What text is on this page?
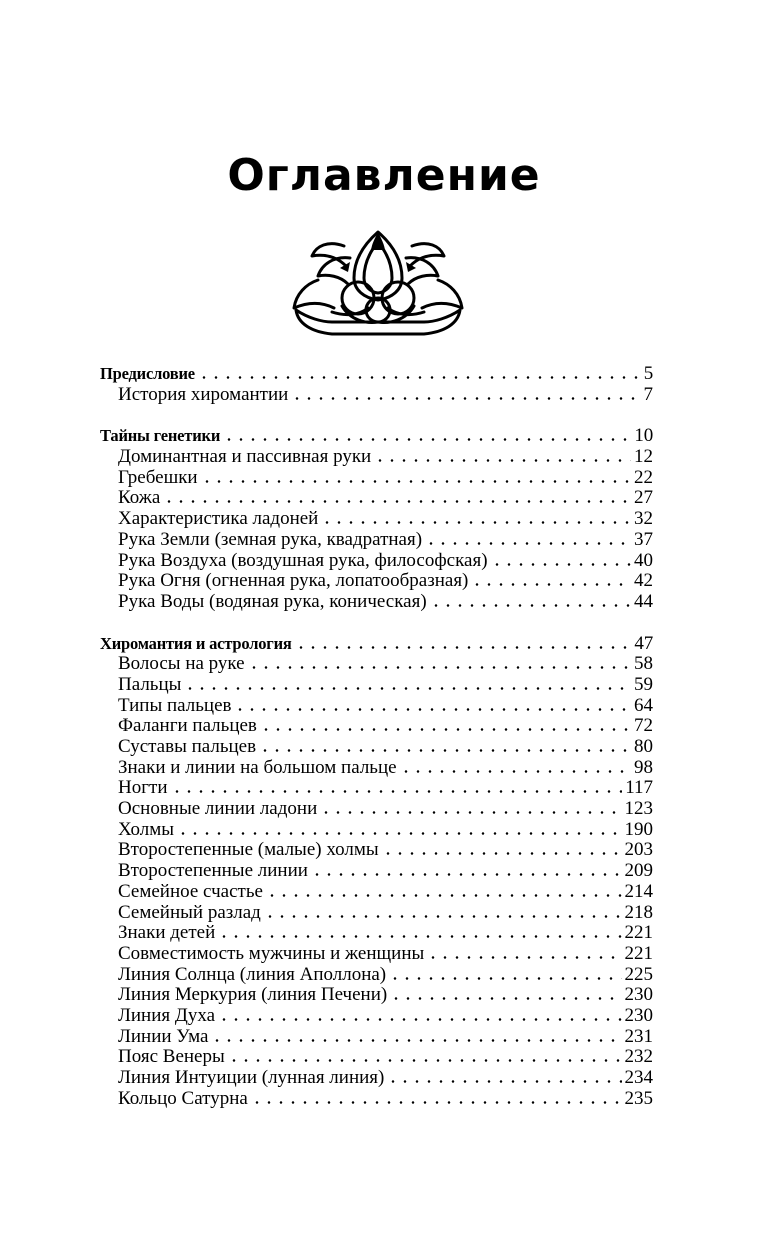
Оглавление
Предисловие	5
История хиромантии	7
Тайны генетики	10
Доминантная и пассивная руки	12
Гребешки	22
Кожа	27
Характеристика ладоней	32
Рука Земли (земная рука, квадратная)	37
Рука Воздуха (воздушная рука, философская)	40
Рука Огня (огненная рука, лопатообразная)	42
Рука Воды (водяная рука, коническая)	44
Хиромантия и астрология	47
Волосы на руке	58
Пальцы	59
Типы пальцев	64
Фаланги пальцев	72
Суставы пальцев	80
Знаки и линии на большом пальце	98
Ногти	117
Основные линии ладони	123
Холмы	190
Второстепенные (малые) холмы	203
Второстепенные линии	209
Семейное счастье	214
Семейный разлад	218
Знаки детей	221
Совместимость мужчины и женщины	221
Линия Солнца (линия Аполлона)	225
Линия Меркурия (линия Печени)	230
Линия Духа	230
Линии Ума	231
Пояс Венеры	232
Линия Интуиции (лунная линия)	234
Кольцо Сатурна	235
